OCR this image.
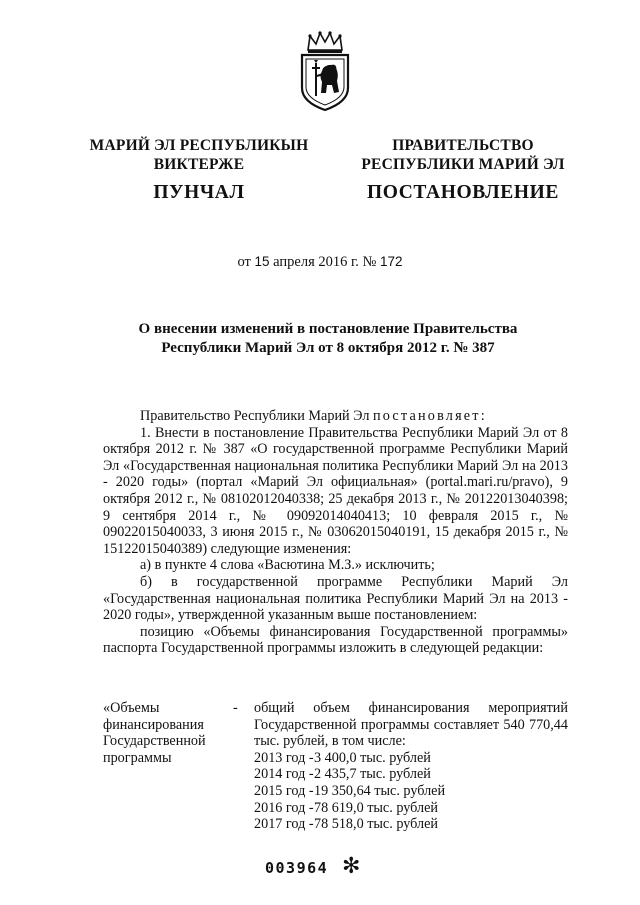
МАРИЙ ЭЛ РЕСПУБЛИКЫН
ВИКТЕРЖЕ
ПРАВИТЕЛЬСТВО
РЕСПУБЛИКИ МАРИЙ ЭЛ
ПУНЧАЛ	ПОСТАНОВЛЕНИЕ
от 15 апреля 2016 г. № 172
О внесении изменений в постановление Правительства
Республики Марий Эл от 8 октября 2012 г. № 387

Правительство Республики Марий Эл постановляет:

1. Внести в постановление Правительства Республики Марий Эл от 8 октября 2012 г. № 387 «О государственной программе Республики Марий Эл «Государственная национальная политика Республики Марий Эл на 2013 - 2020 годы» (портал «Марий Эл официальная» (portal.mari.ru/pravo), 9 октября 2012 г., № 08102012040338; 25 декабря 2013 г., № 20122013040398; 9 сентября 2014 г., № 09092014040413; 10 февраля 2015 г., № 09022015040033, 3 июня 2015 г., № 03062015040191, 15 декабря 2015 г., № 15122015040389) следующие изменения:

а) в пункте 4 слова «Васютина М.З.» исключить;

б) в государственной программе Республики Марий Эл «Государственная национальная политика Республики Марий Эл на 2013 - 2020 годы», утвержденной указанным выше постановлением:

позицию «Объемы финансирования Государственной программы» паспорта Государственной программы изложить в следующей редакции:

«Объемы финансирования Государственной программы
- общий объем финансирования мероприятий Государственной программы составляет 540 770,44 тыс. рублей, в том числе:
2013 год - 3 400,0 тыс. рублей
2014 год - 2 435,7 тыс. рублей
2015 год - 19 350,64 тыс. рублей
2016 год - 78 619,0 тыс. рублей
2017 год - 78 518,0 тыс. рублей
003964 ✻
